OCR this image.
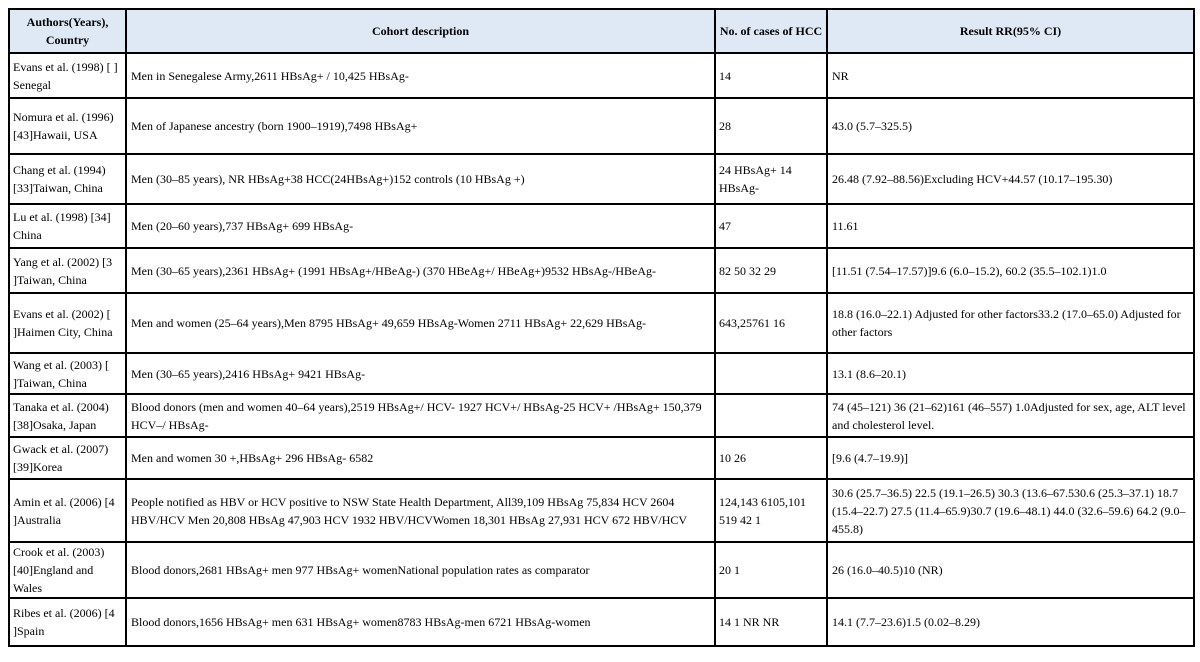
Authors(Years), Country	Cohort description	No. of cases of HCC	Result RR(95% CI)
Evans et al. (1998) [ ] Senegal	Men in Senegalese Army,2611 HBsAg+ / 10,425 HBsAg-	14	NR
Nomura et al. (1996) [43]Hawaii, USA	Men of Japanese ancestry (born 1900–1919),7498 HBsAg+	28	43.0 (5.7–325.5)
Chang et al. (1994) [33]Taiwan, China	Men (30–85 years), NR HBsAg+38 HCC(24HBsAg+)152 controls (10 HBsAg +)	24 HBsAg+ 14 HBsAg-	26.48 (7.92–88.56)Excluding HCV+44.57 (10.17–195.30)
Lu et al. (1998) [34] China	Men (20–60 years),737 HBsAg+ 699 HBsAg-	47	11.61
Yang et al. (2002) [3 ]Taiwan, China	Men (30–65 years),2361 HBsAg+ (1991 HBsAg+/HBeAg-) (370 HBeAg+/ HBeAg+)9532 HBsAg-/HBeAg-	82 50 32 29	[11.51 (7.54–17.57)]9.6 (6.0–15.2), 60.2 (35.5–102.1)1.0
Evans et al. (2002) [ ]Haimen City, China	Men and women (25–64 years),Men 8795 HBsAg+ 49,659 HBsAg-Women 2711 HBsAg+ 22,629 HBsAg-	643,25761 16	18.8 (16.0–22.1) Adjusted for other factors33.2 (17.0–65.0) Adjusted for other factors
Wang et al. (2003) [ ]Taiwan, China	Men (30–65 years),2416 HBsAg+ 9421 HBsAg-		13.1 (8.6–20.1)
Tanaka et al. (2004) [38]Osaka, Japan	Blood donors (men and women 40–64 years),2519 HBsAg+/ HCV- 1927 HCV+/ HBsAg-25 HCV+ /HBsAg+ 150,379 HCV–/ HBsAg-		74 (45–121) 36 (21–62)161 (46–557) 1.0Adjusted for sex, age, ALT level and cholesterol level.
Gwack et al. (2007) [39]Korea	Men and women 30 +,HBsAg+ 296 HBsAg- 6582	10 26	[9.6 (4.7–19.9)]
Amin et al. (2006) [4 ]Australia	People notified as HBV or HCV positive to NSW State Health Department, All39,109 HBsAg 75,834 HCV 2604 HBV/HCV Men 20,808 HBsAg 47,903 HCV 1932 HBV/HCVWomen 18,301 HBsAg 27,931 HCV 672 HBV/HCV	124,143 6105,101 519 42 1	30.6 (25.7–36.5) 22.5 (19.1–26.5) 30.3 (13.6–67.530.6 (25.3–37.1) 18.7 (15.4–22.7) 27.5 (11.4–65.9)30.7 (19.6–48.1) 44.0 (32.6–59.6) 64.2 (9.0–455.8)
Crook et al. (2003) [40]England and Wales	Blood donors,2681 HBsAg+ men 977 HBsAg+ womenNational population rates as comparator	20 1	26 (16.0–40.5)10 (NR)
Ribes et al. (2006) [4 ]Spain	Blood donors,1656 HBsAg+ men 631 HBsAg+ women8783 HBsAg-men 6721 HBsAg-women	14 1 NR NR	14.1 (7.7–23.6)1.5 (0.02–8.29)
